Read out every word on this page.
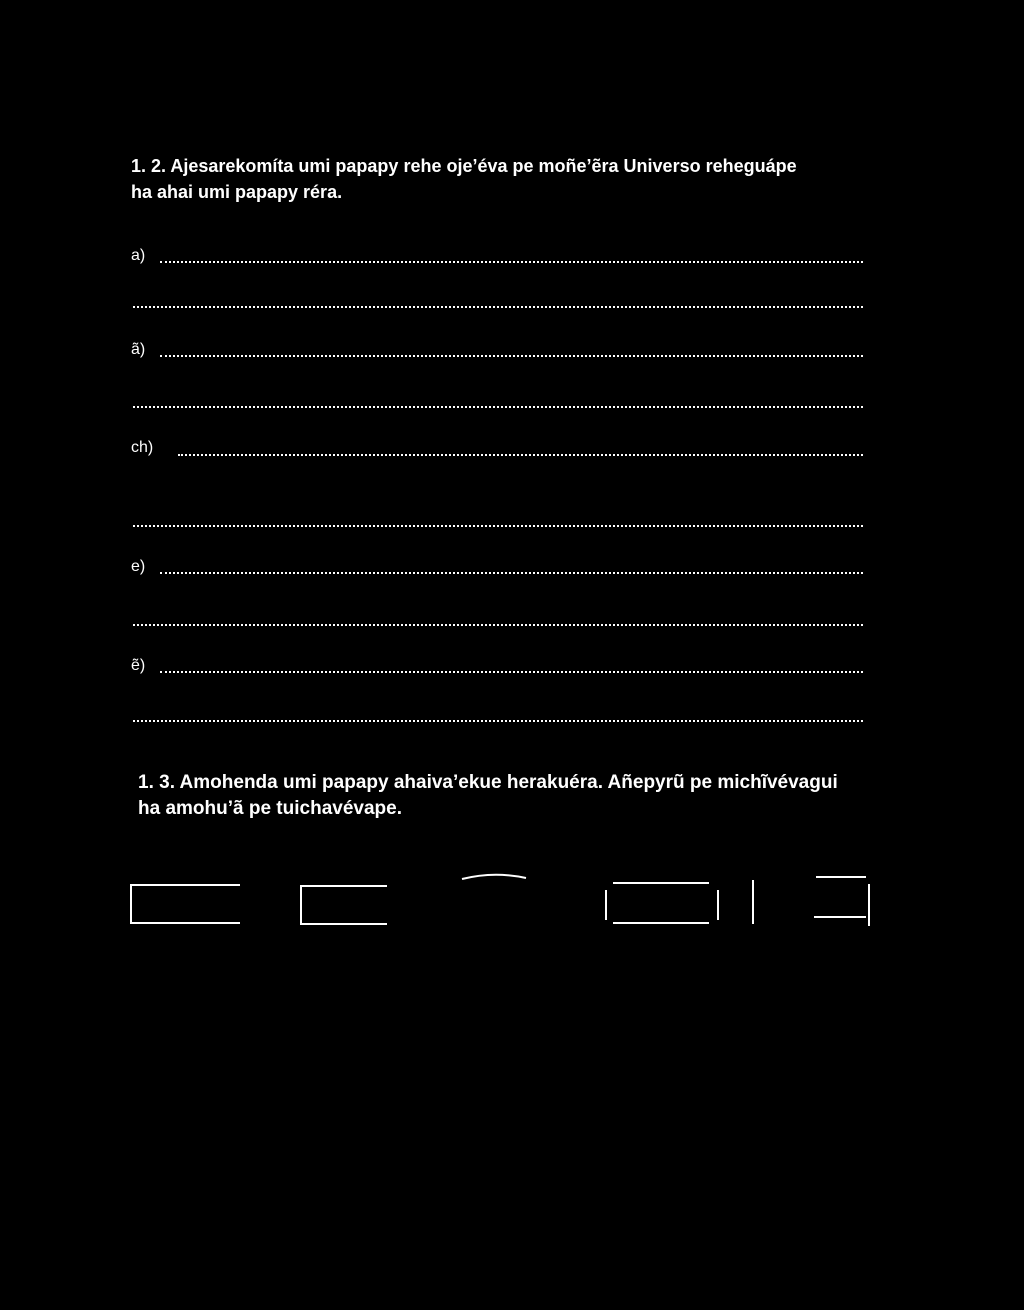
1. 2. Ajesarekomíta umi papapy rehe oje’éva pe moñe’ẽra Universo reheguápe
ha ahai umi papapy réra.
a)
ã)
ch)
e)
ẽ)
1. 3. Amohenda umi papapy ahaiva’ekue herakuéra. Añepyrũ pe michĩvévagui
ha amohu’ã pe tuichavévape.
